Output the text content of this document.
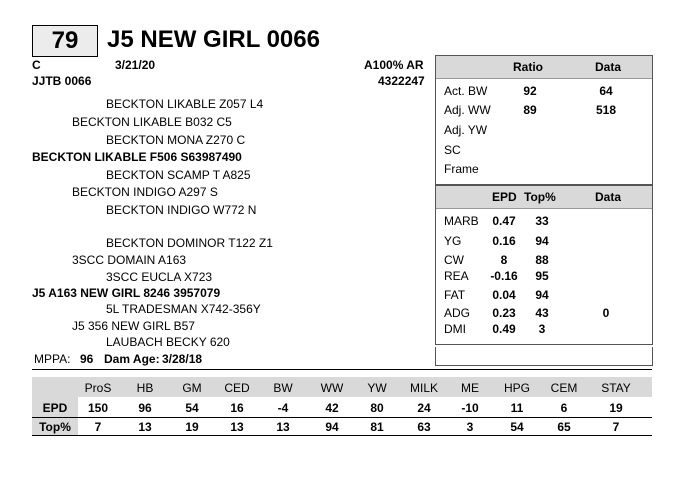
79	J5 NEW GIRL 0066
C	3/21/20	A100% AR
JJTB 0066	4322247
BECKTON LIKABLE Z057 L4
BECKTON LIKABLE B032 C5
BECKTON MONA Z270 C
BECKTON LIKABLE F506 S63987490
BECKTON SCAMP T A825
BECKTON INDIGO A297 S
BECKTON INDIGO W772 N
BECKTON DOMINOR T122 Z1
3SCC DOMAIN A163
3SCC EUCLA X723
J5 A163 NEW GIRL 8246 3957079
5L TRADESMAN X742-356Y
J5 356 NEW GIRL B57
LAUBACH BECKY 620
MPPA: 96 Dam Age: 3/28/18
Ratio	Data
Act. BW	92	64
Adj. WW	89	518
Adj. YW
SC
Frame
EPD Top%	Data
MARB	0.47	33
YG	0.16	94
CW	8	88
REA	-0.16	95
FAT	0.04	94
ADG	0.23	43	0
DMI	0.49	3
ProS	HB	GM	CED	BW	WW	YW	MILK	ME	HPG	CEM	STAY
EPD	150	96	54	16	-4	42	80	24	-10	11	6	19
Top%	7	13	19	13	13	94	81	63	3	54	65	7
